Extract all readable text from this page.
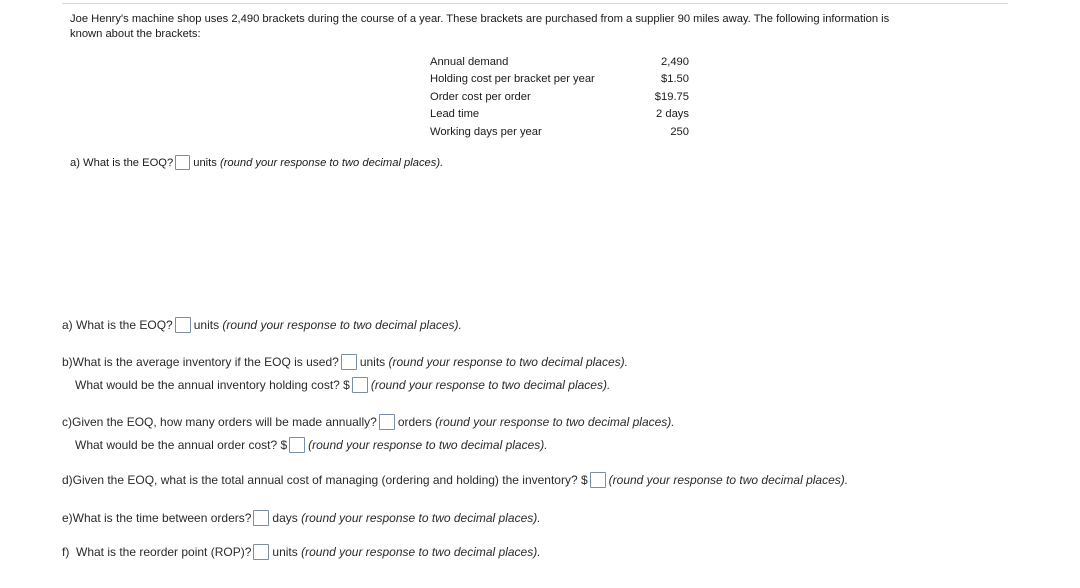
Joe Henry's machine shop uses 2,490 brackets during the course of a year. These brackets are purchased from a supplier 90 miles away. The following information is
known about the brackets:
Annual demand	2,490
Holding cost per bracket per year	$1.50
Order cost per order	$19.75
Lead time	2 days
Working days per year	250
a) What is the EOQ? units
(round your response to two decimal places).
a) What is the EOQ? units
(round your response to two decimal places).
b)What is the average inventory if the EOQ is used? units
(round your response to two decimal places).
What would be the annual inventory holding cost? $ (round your response to two decimal places).
c)Given the EOQ, how many orders will be made annually? orders
(round your response to two decimal places).
What would be the annual order cost? $ (round your response to two decimal places).
d)Given the EOQ, what is the total annual cost of managing (ordering and holding) the inventory? $ (round your response to two decimal places).
e)What is the time between orders? days
(round your response to two decimal places).
f)  What is the reorder point (ROP)? units
(round your response to two decimal places).
